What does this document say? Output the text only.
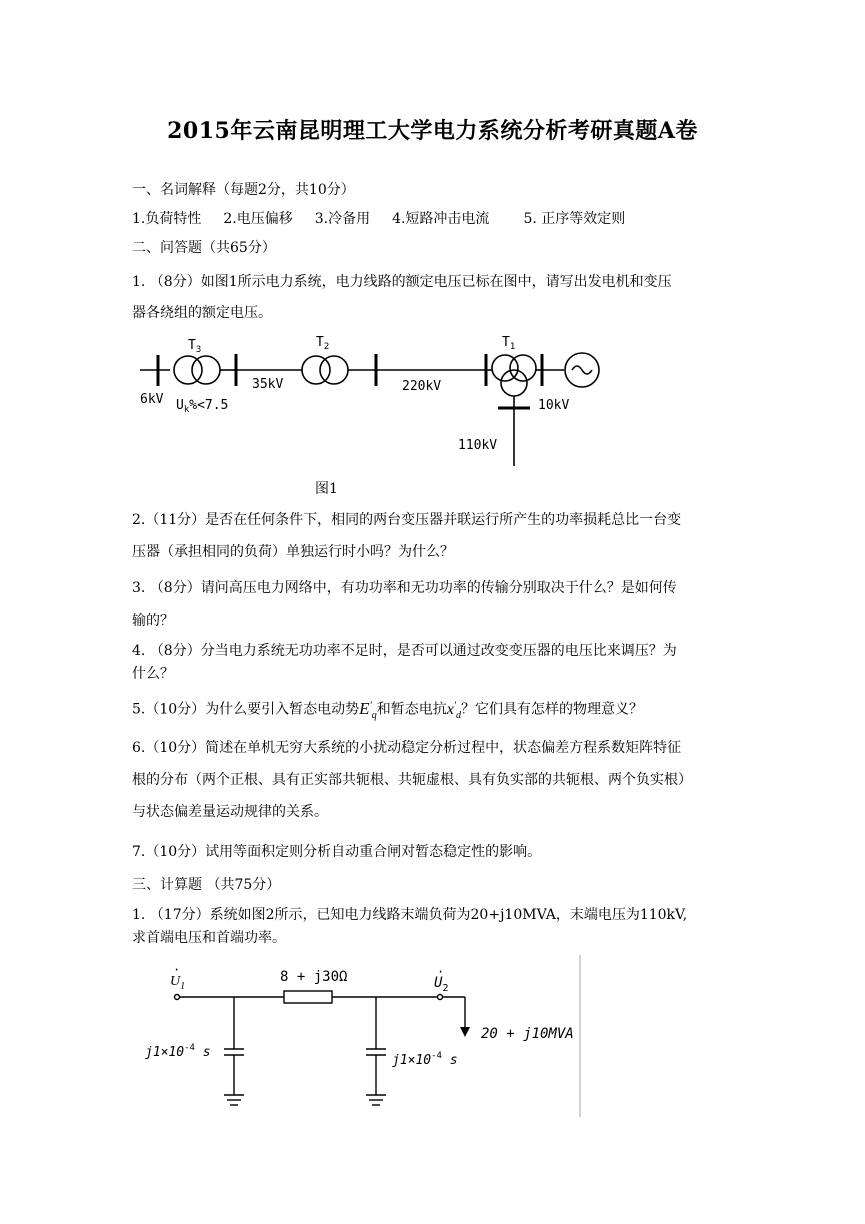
2015年云南昆明理工大学电力系统分析考研真题A卷
一、名词解释（每题2分，共10分）
1.负荷特性 2.电压偏移 3.冷备用 4.短路冲击电流 5. 正序等效定则
二、问答题（共65分）
1. （8分）如图1所示电力系统，电力线路的额定电压已标在图中，请写出发电机和变压
器各绕组的额定电压。
$T_3$	$T_2$	$T_1$
6kV $U_k\%<7.5$
35kV	220kV
10kV
110kV
图1
2.（11分）是否在任何条件下，相同的两台变压器并联运行所产生的功率损耗总比一台变
压器（承担相同的负荷）单独运行时小吗？为什么？
3. （8分）请问高压电力网络中，有功功率和无功功率的传输分别取决于什么？是如何传
输的？
4. （8分）分当电力系统无功功率不足时，是否可以通过改变变压器的电压比来调压？为
什么？
5.（10分）为什么要引入暂态电动势$E'_q$和暂态电抗$x'_d$？它们具有怎样的物理意义？
6.（10分）简述在单机无穷大系统的小扰动稳定分析过程中，状态偏差方程系数矩阵特征
根的分布（两个正根、具有正实部共轭根、共轭虚根、具有负实部的共轭根、两个负实根）
与状态偏差量运动规律的关系。
7.（10分）试用等面积定则分析自动重合闸对暂态稳定性的影响。
三、计算题 （共75分）
1. （17分）系统如图2所示，已知电力线路末端负荷为20+j10MVA，末端电压为110kV,
求首端电压和首端功率。
$U_1$
·
$U_2$
·
8 + j30Ω
$j1\times 10^{-4}$ s
$j1\times 10^{-4}$ s
20 + j10MVA
